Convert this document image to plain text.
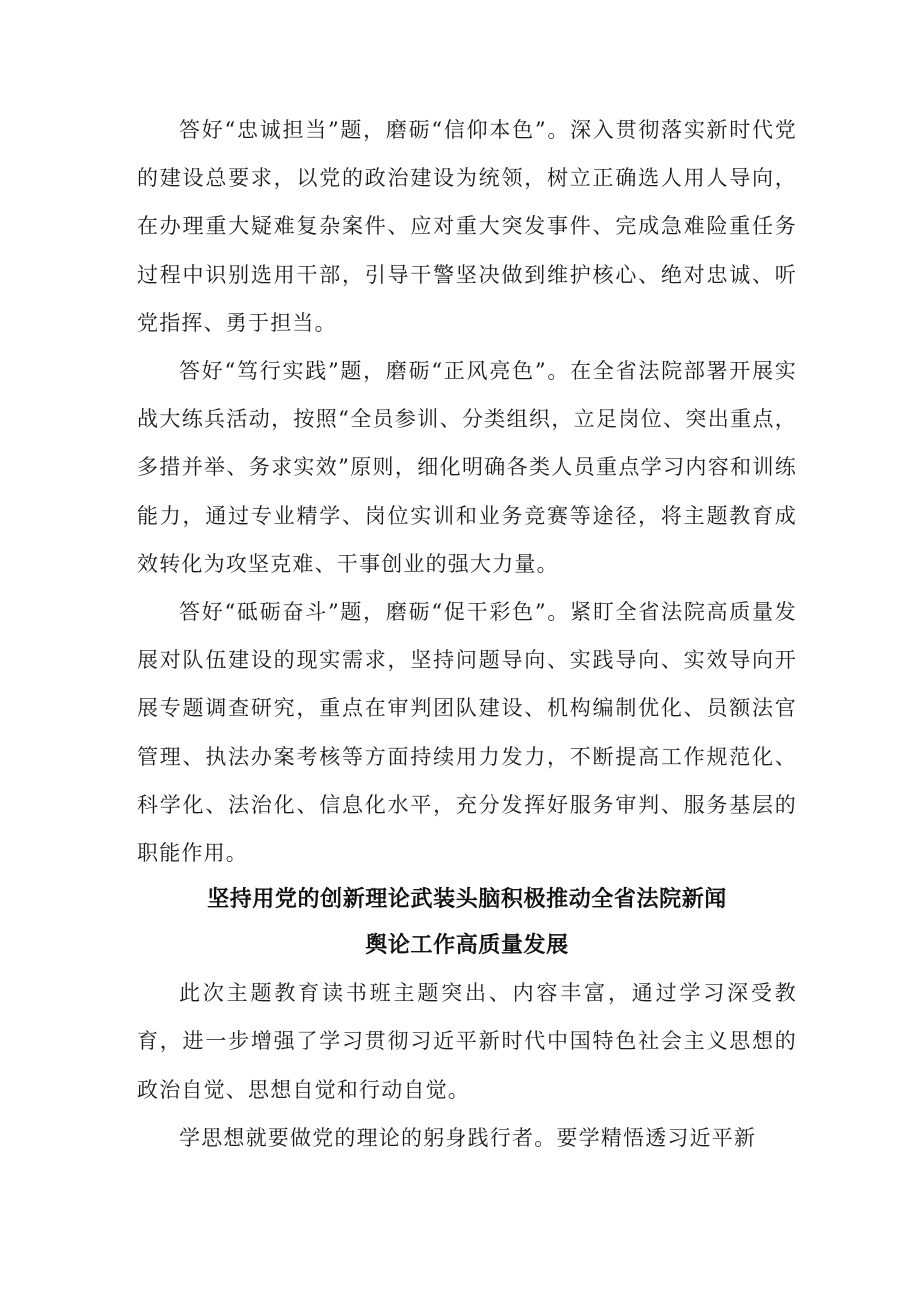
答好“忠诚担当”题，磨砺“信仰本色”。深入贯彻落实新时代党的建设总要求，以党的政治建设为统领，树立正确选人用人导向，在办理重大疑难复杂案件、应对重大突发事件、完成急难险重任务过程中识别选用干部，引导干警坚决做到维护核心、绝对忠诚、听党指挥、勇于担当。

答好“笃行实践”题，磨砺“正风亮色”。在全省法院部署开展实战大练兵活动，按照“全员参训、分类组织，立足岗位、突出重点，多措并举、务求实效”原则，细化明确各类人员重点学习内容和训练能力，通过专业精学、岗位实训和业务竞赛等途径，将主题教育成效转化为攻坚克难、干事创业的强大力量。

答好“砥砺奋斗”题，磨砺“促干彩色”。紧盯全省法院高质量发展对队伍建设的现实需求，坚持问题导向、实践导向、实效导向开展专题调查研究，重点在审判团队建设、机构编制优化、员额法官管理、执法办案考核等方面持续用力发力，不断提高工作规范化、科学化、法治化、信息化水平，充分发挥好服务审判、服务基层的职能作用。

坚持用党的创新理论武装头脑积极推动全省法院新闻

舆论工作高质量发展

此次主题教育读书班主题突出、内容丰富，通过学习深受教育，进一步增强了学习贯彻习近平新时代中国特色社会主义思想的政治自觉、思想自觉和行动自觉。

学思想就要做党的理论的躬身践行者。要学精悟透习近平新
